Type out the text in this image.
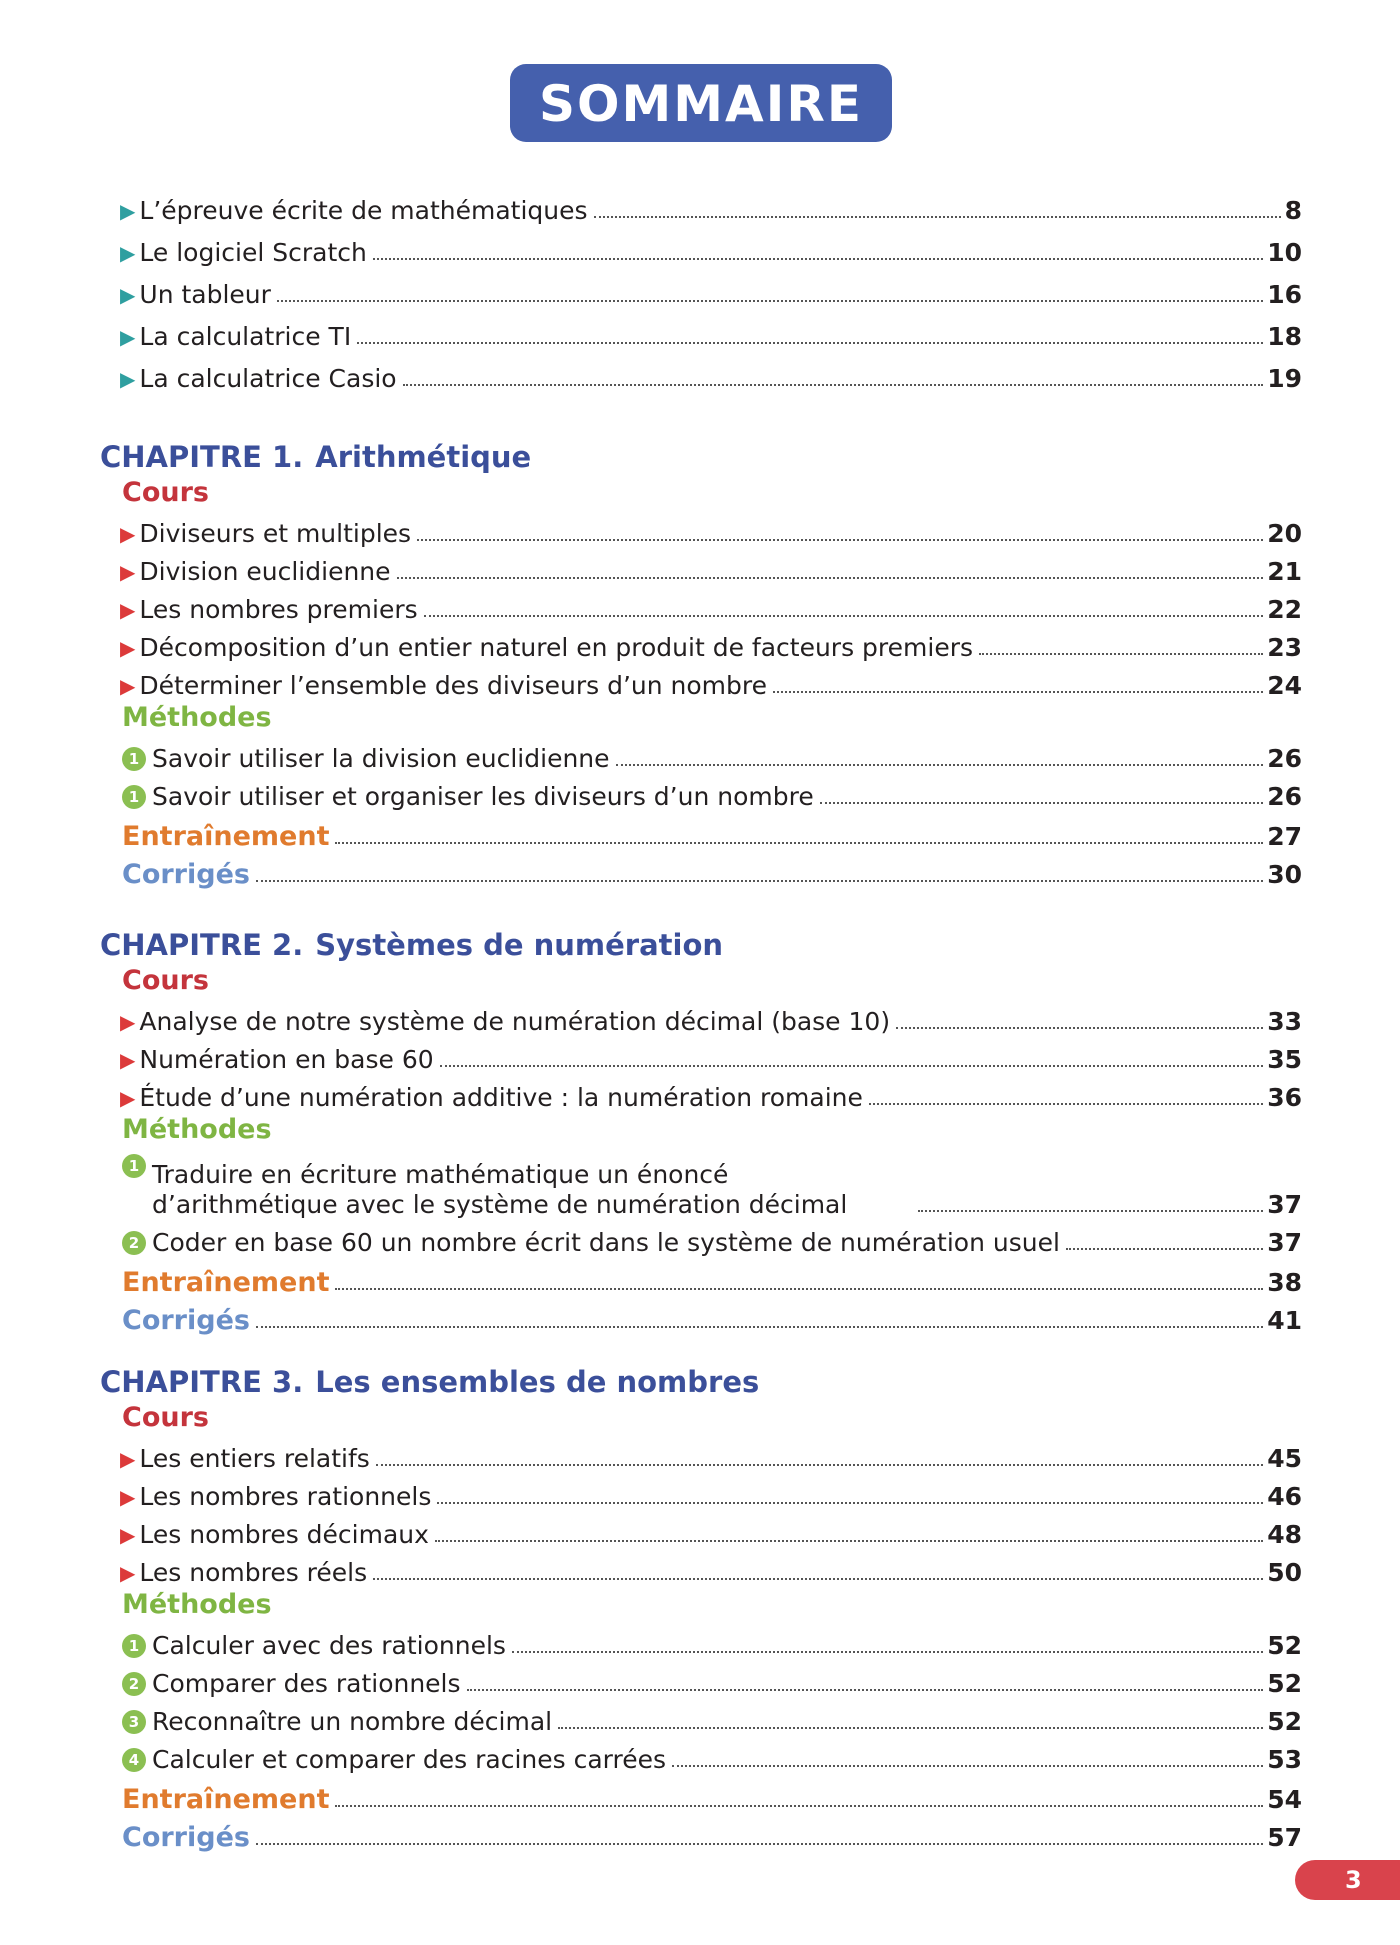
SOMMAIRE
▶ L’épreuve écrite de mathématiques	8
▶ Le logiciel Scratch	10
▶ Un tableur	16
▶ La calculatrice TI	18
▶ La calculatrice Casio	19
CHAPITRE 1. Arithmétique
Cours
▶ Diviseurs et multiples	20
▶ Division euclidienne	21
▶ Les nombres premiers	22
▶ Décomposition d’un entier naturel en produit de facteurs premiers	23
▶ Déterminer l’ensemble des diviseurs d’un nombre	24
Méthodes
1 Savoir utiliser la division euclidienne	26
1 Savoir utiliser et organiser les diviseurs d’un nombre	26
Entraînement	27
Corrigés	30
CHAPITRE 2. Systèmes de numération
Cours
▶ Analyse de notre système de numération décimal (base 10)	33
▶ Numération en base 60	35
▶ Étude d’une numération additive : la numération romaine	36
Méthodes
1 Traduire en écriture mathématique un énoncé d’arithmétique avec le système de numération décimal	37
2 Coder en base 60 un nombre écrit dans le système de numération usuel	37
Entraînement	38
Corrigés	41
CHAPITRE 3. Les ensembles de nombres
Cours
▶ Les entiers relatifs	45
▶ Les nombres rationnels	46
▶ Les nombres décimaux	48
▶ Les nombres réels	50
Méthodes
1 Calculer avec des rationnels	52
2 Comparer des rationnels	52
3 Reconnaître un nombre décimal	52
4 Calculer et comparer des racines carrées	53
Entraînement	54
Corrigés	57
3
